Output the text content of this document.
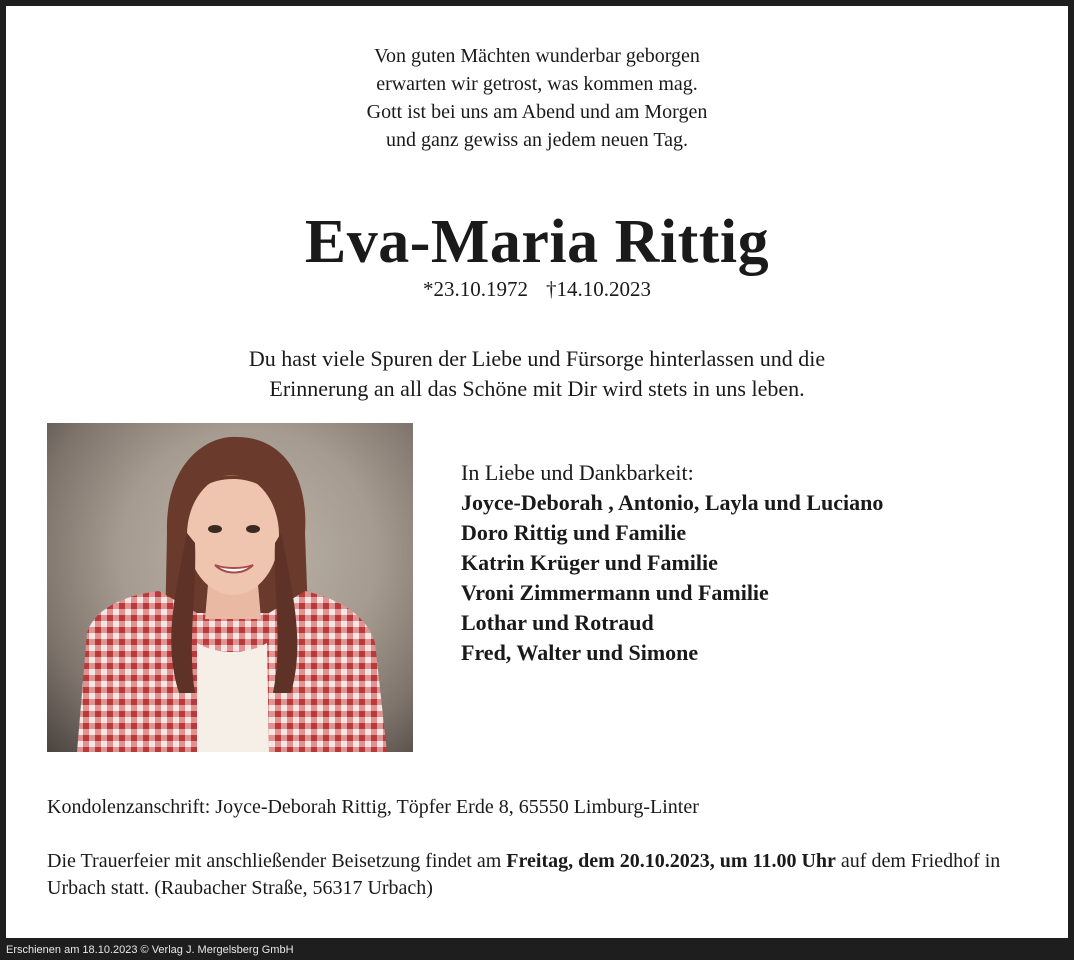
Von guten Mächten wunderbar geborgen
erwarten wir getrost, was kommen mag.
Gott ist bei uns am Abend und am Morgen
und ganz gewiss an jedem neuen Tag.
Eva-Maria Rittig
*23.10.1972 †14.10.2023
Du hast viele Spuren der Liebe und Fürsorge hinterlassen und die
Erinnerung an all das Schöne mit Dir wird stets in uns leben.
In Liebe und Dankbarkeit:
Joyce-Deborah , Antonio, Layla und Luciano
Doro Rittig und Familie
Katrin Krüger und Familie
Vroni Zimmermann und Familie
Lothar und Rotraud
Fred, Walter und Simone
Kondolenzanschrift: Joyce-Deborah Rittig, Töpfer Erde 8, 65550 Limburg-Linter
Die Trauerfeier mit anschließender Beisetzung findet am Freitag, dem 20.10.2023, um 11.00 Uhr auf dem Friedhof in Urbach statt. (Raubacher Straße, 56317 Urbach)
Erschienen am 18.10.2023 © Verlag J. Mergelsberg GmbH
